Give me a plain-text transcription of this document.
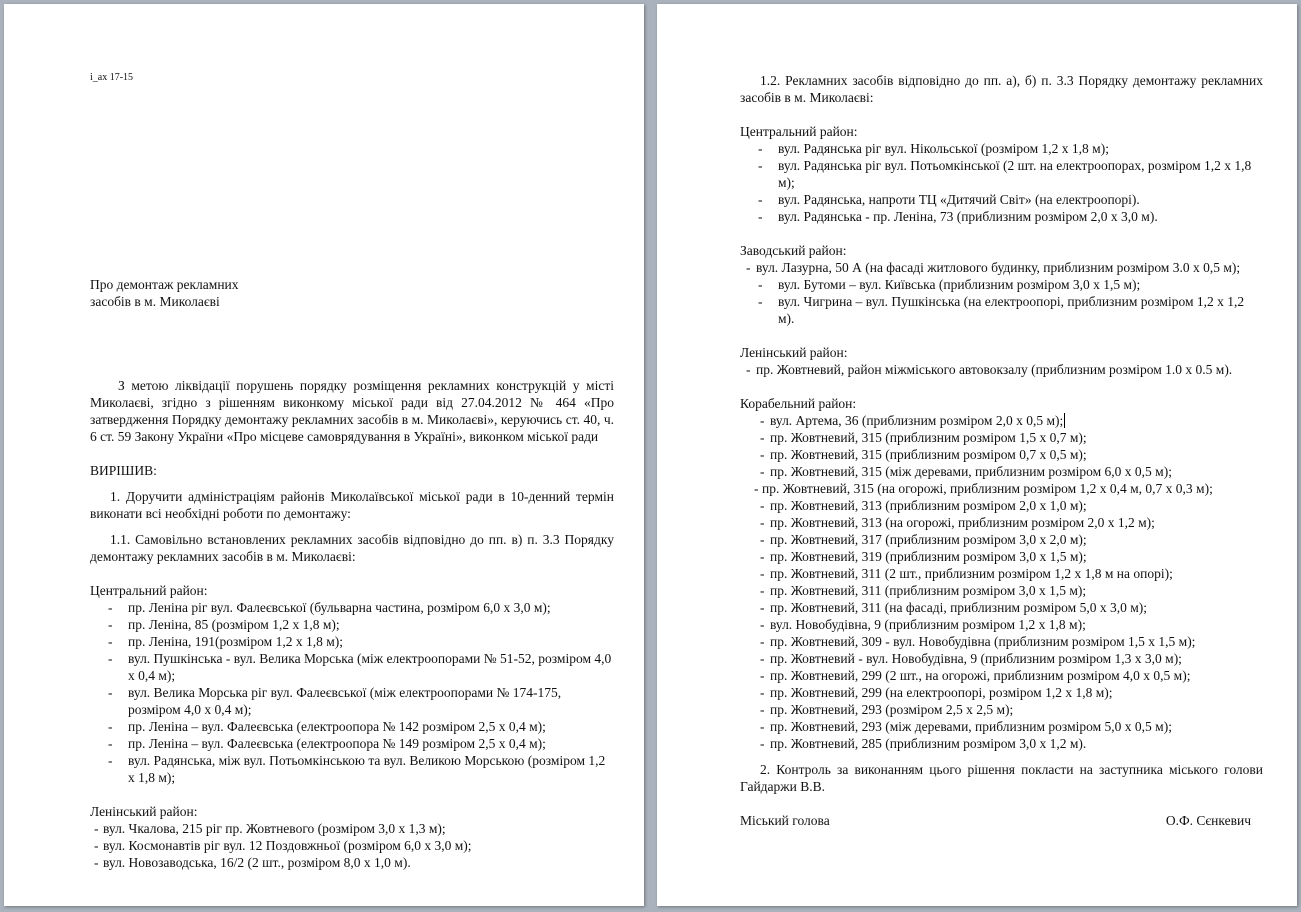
i_ax 17-15
Про демонтаж рекламних
засобів в м. Миколаєві

З метою ліквідації порушень порядку розміщення рекламних конструкцій у місті Миколаєві, згідно з рішенням виконкому міської ради від 27.04.2012 № 464 «Про затвердження Порядку демонтажу рекламних засобів в м. Миколаєві», керуючись ст. 40, ч. 6 ст. 59 Закону України «Про місцеве самоврядування в Україні», виконком міської ради

ВИРІШИВ:

1. Доручити адміністраціям районів Миколаївської міської ради в 10-денний термін виконати всі необхідні роботи по демонтажу:

1.1. Самовільно встановлених рекламних засобів відповідно до пп. в) п. 3.3 Порядку демонтажу рекламних засобів в м. Миколаєві:

Центральний район:
- пр. Леніна ріг вул. Фалеєвської (бульварна частина, розміром 6,0 х 3,0 м);
- пр. Леніна, 85 (розміром 1,2 х 1,8 м);
- пр. Леніна, 191(розміром 1,2 х 1,8 м);
- вул. Пушкінська - вул. Велика Морська (між електроопорами № 51-52, розміром 4,0 х 0,4 м);
- вул. Велика Морська ріг вул. Фалеєвської (між електроопорами № 174-175, розміром 4,0 х 0,4 м);
- пр. Леніна – вул. Фалеєвська (електроопора № 142 розміром 2,5 х 0,4 м);
- пр. Леніна – вул. Фалеєвська (електроопора № 149 розміром 2,5 х 0,4 м);
- вул. Радянська, між вул. Потьомкінською та вул. Великою Морською (розміром 1,2 х 1,8 м);
Ленінський район:
- вул. Чкалова, 215 ріг пр. Жовтневого (розміром 3,0 х 1,3 м);
- вул. Космонавтів ріг вул. 12 Поздовжньої (розміром 6,0 х 3,0 м);
- вул. Новозаводська, 16/2 (2 шт., розміром 8,0 х 1,0 м).

1.2. Рекламних засобів відповідно до пп. а), б) п. 3.3 Порядку демонтажу рекламних засобів в м. Миколаєві:

Центральний район:
- вул. Радянська ріг вул. Нікольської (розміром 1,2 х 1,8 м);
- вул. Радянська ріг вул. Потьомкінської (2 шт. на електроопорах, розміром 1,2 х 1,8 м);
- вул. Радянська, напроти ТЦ «Дитячий Світ» (на електроопорі).
- вул. Радянська - пр. Леніна, 73 (приблизним розміром 2,0 х 3,0 м).
Заводський район:
- вул. Лазурна, 50 А (на фасаді житлового будинку, приблизним розміром 3.0 х 0,5 м);
- вул. Бутоми – вул. Київська (приблизним розміром 3,0 х 1,5 м);
- вул. Чигрина – вул. Пушкінська (на електроопорі, приблизним розміром 1,2 х 1,2 м).
Ленінський район:
- пр. Жовтневий, район міжміського автовокзалу (приблизним розміром 1.0 х 0.5 м).
Корабельний район:
- вул. Артема, 36 (приблизним розміром 2,0 х 0,5 м);
- пр. Жовтневий, 315 (приблизним розміром 1,5 х 0,7 м);
- пр. Жовтневий, 315 (приблизним розміром 0,7 х 0,5 м);
- пр. Жовтневий, 315 (між деревами, приблизним розміром 6,0 х 0,5 м);
- пр. Жовтневий, 315 (на огорожі, приблизним розміром 1,2 х 0,4 м, 0,7 х 0,3 м);
- пр. Жовтневий, 313 (приблизним розміром 2,0 х 1,0 м);
- пр. Жовтневий, 313 (на огорожі, приблизним розміром 2,0 х 1,2 м);
- пр. Жовтневий, 317 (приблизним розміром 3,0 х 2,0 м);
- пр. Жовтневий, 319 (приблизним розміром 3,0 х 1,5 м);
- пр. Жовтневий, 311 (2 шт., приблизним розміром 1,2 х 1,8 м на опорі);
- пр. Жовтневий, 311 (приблизним розміром 3,0 х 1,5 м);
- пр. Жовтневий, 311 (на фасаді, приблизним розміром 5,0 х 3,0 м);
- вул. Новобудівна, 9 (приблизним розміром 1,2 х 1,8 м);
- пр. Жовтневий, 309 - вул. Новобудівна (приблизним розміром 1,5 х 1,5 м);
- пр. Жовтневий - вул. Новобудівна, 9 (приблизним розміром 1,3 х 3,0 м);
- пр. Жовтневий, 299 (2 шт., на огорожі, приблизним розміром 4,0 х 0,5 м);
- пр. Жовтневий, 299 (на електроопорі, розміром 1,2 х 1,8 м);
- пр. Жовтневий, 293 (розміром 2,5 х 2,5 м);
- пр. Жовтневий, 293 (між деревами, приблизним розміром 5,0 х 0,5 м);
- пр. Жовтневий, 285 (приблизним розміром 3,0 х 1,2 м).

2. Контроль за виконанням цього рішення покласти на заступника міського голови Гайдаржи В.В.

Міський голова	О.Ф. Сєнкевич
